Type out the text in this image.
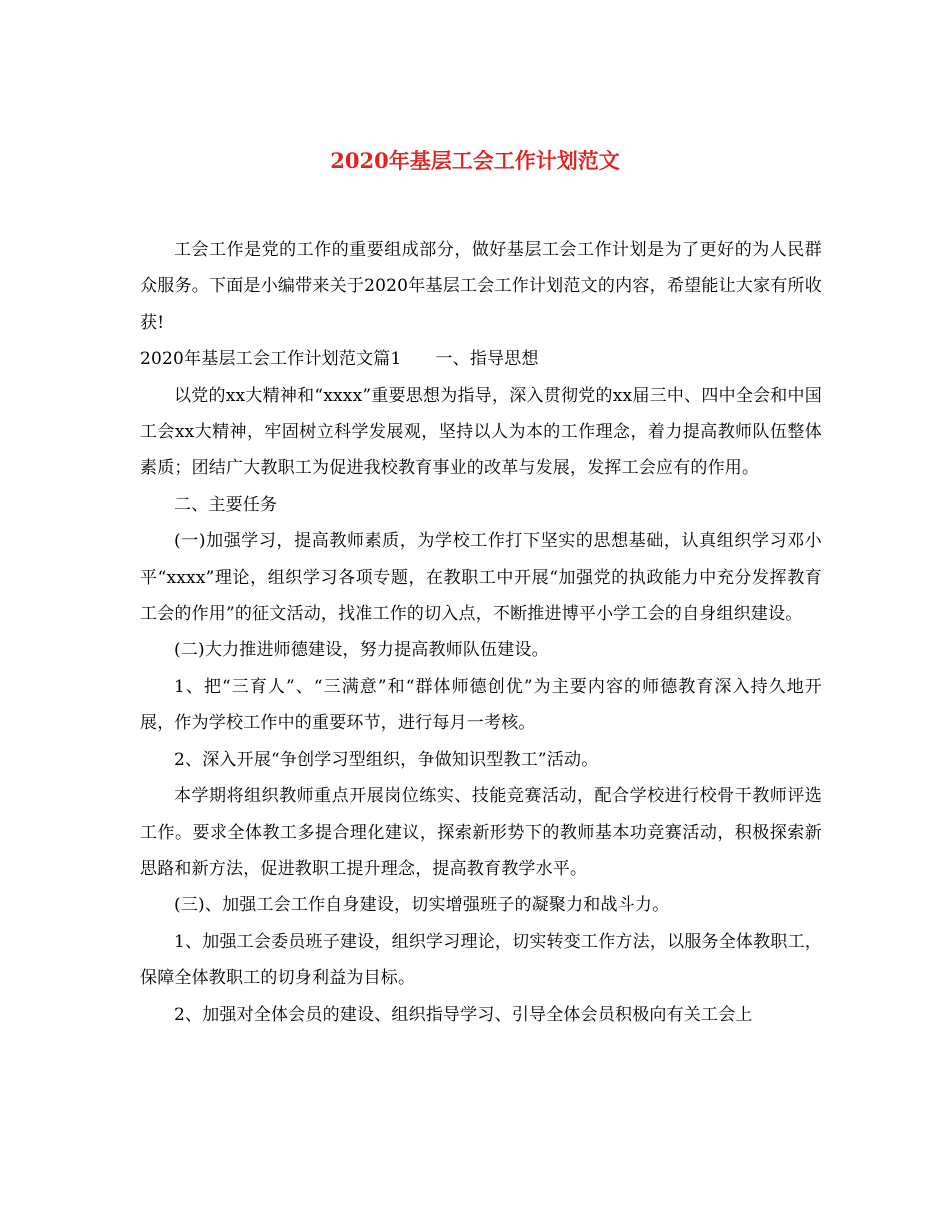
2020年基层工会工作计划范文

工会工作是党的工作的重要组成部分，做好基层工会工作计划是为了更好的为人民群众服务。下面是小编带来关于2020年基层工会工作计划范文的内容，希望能让大家有所收获!

2020年基层工会工作计划范文篇1 一、指导思想

以党的xx大精神和“xxxx”重要思想为指导，深入贯彻党的xx届三中、四中全会和中国工会xx大精神，牢固树立科学发展观，坚持以人为本的工作理念，着力提高教师队伍整体素质；团结广大教职工为促进我校教育事业的改革与发展，发挥工会应有的作用。

二、主要任务

(一)加强学习，提高教师素质，为学校工作打下坚实的思想基础，认真组织学习邓小平“xxxx”理论，组织学习各项专题，在教职工中开展“加强党的执政能力中充分发挥教育工会的作用”的征文活动，找准工作的切入点，不断推进博平小学工会的自身组织建设。

(二)大力推进师德建设，努力提高教师队伍建设。

1、把“三育人”、“三满意”和“群体师德创优”为主要内容的师德教育深入持久地开展，作为学校工作中的重要环节，进行每月一考核。

2、深入开展“争创学习型组织，争做知识型教工”活动。

本学期将组织教师重点开展岗位练实、技能竞赛活动，配合学校进行校骨干教师评选工作。要求全体教工多提合理化建议，探索新形势下的教师基本功竞赛活动，积极探索新思路和新方法，促进教职工提升理念，提高教育教学水平。

(三)、加强工会工作自身建设，切实增强班子的凝聚力和战斗力。

1、加强工会委员班子建设，组织学习理论，切实转变工作方法，以服务全体教职工，保障全体教职工的切身利益为目标。

2、加强对全体会员的建设、组织指导学习、引导全体会员积极向有关工会上
